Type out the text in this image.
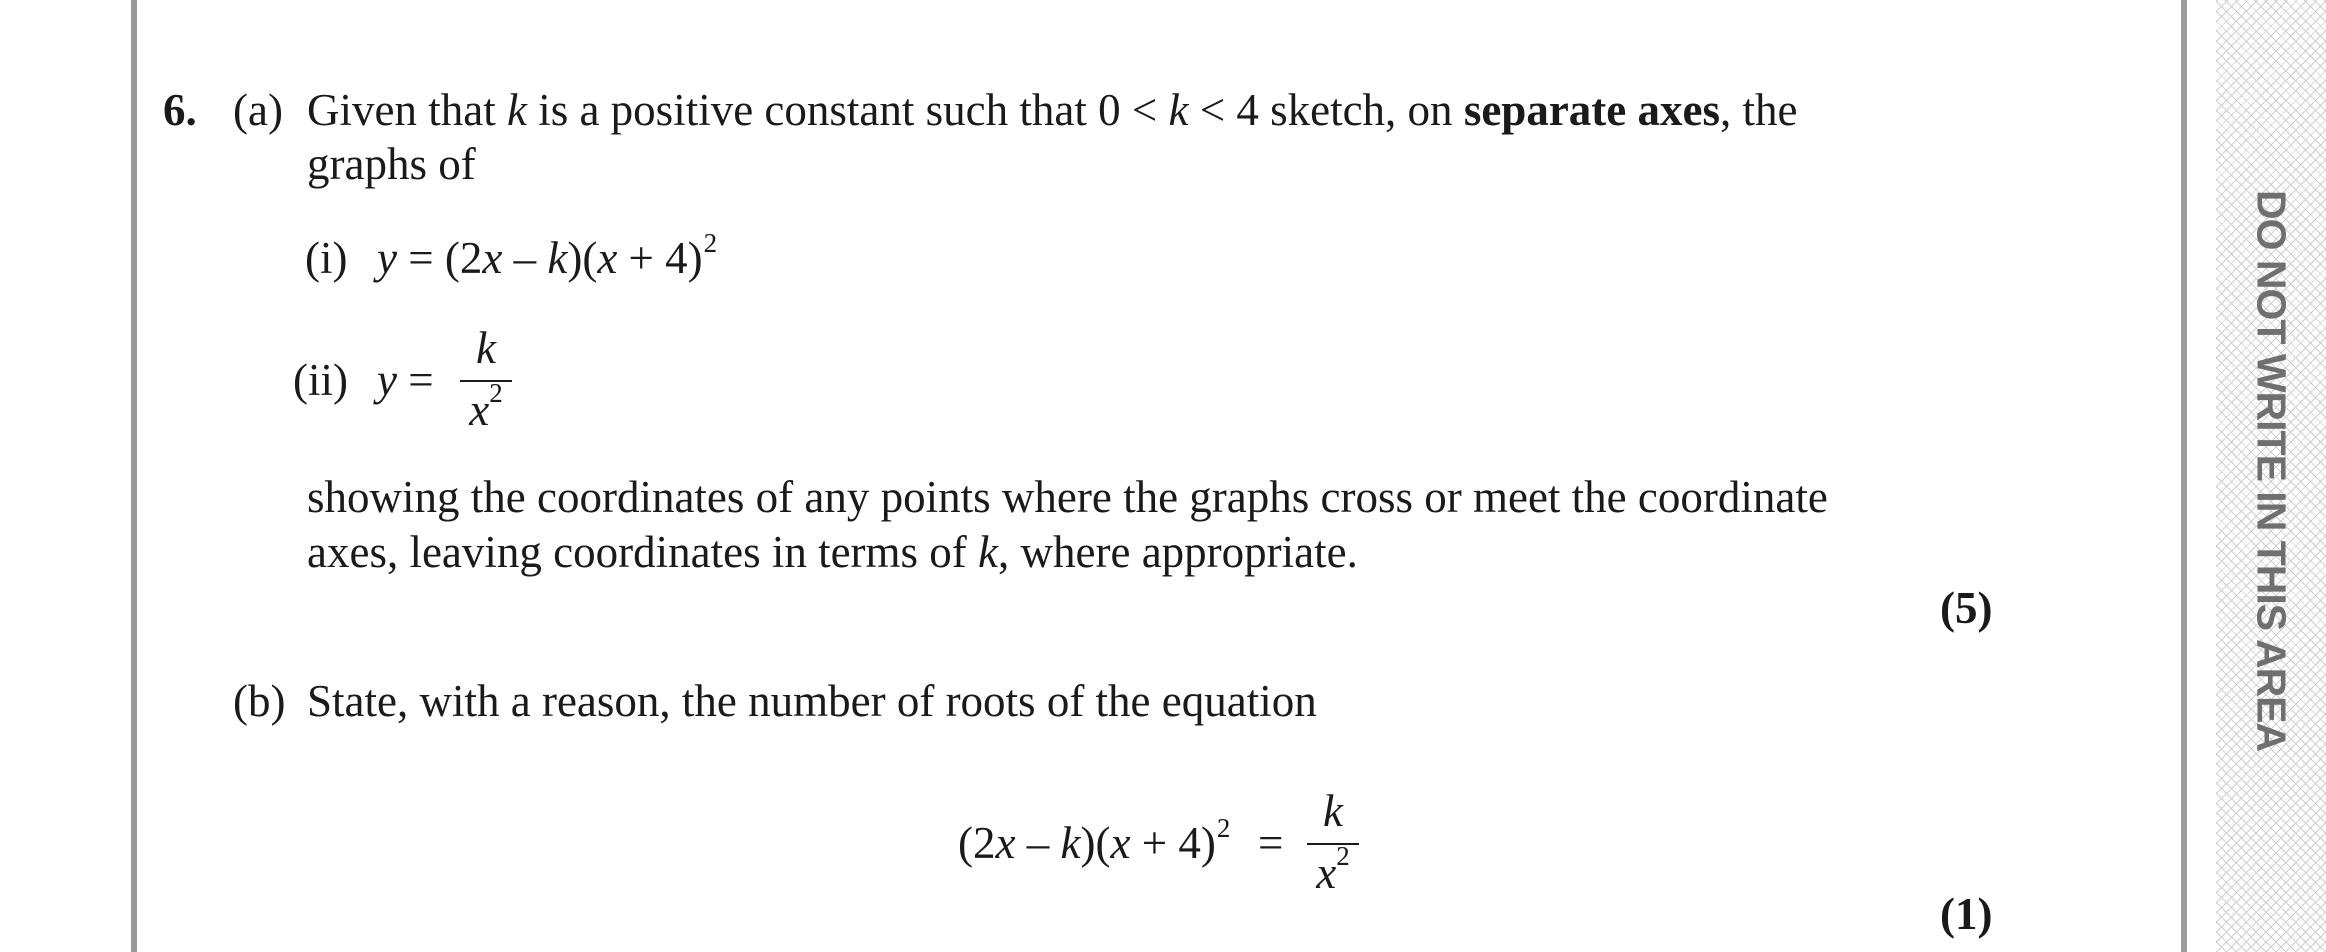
DO NOT WRITE IN THIS AREA
6. (a) Given that k is a positive constant such that 0 < k < 4 sketch, on separate axes, the
graphs of
(i) $y = (2x - k)(x + 4)^2$
(ii) y =
k
$x^2$
showing the coordinates of any points where the graphs cross or meet the coordinate
axes, leaving coordinates in terms of k, where appropriate.
(5)
(b) State, with a reason, the number of roots of the equation
$(2x - k)(x + 4)^2$ =
k
$x^2$
(1)
